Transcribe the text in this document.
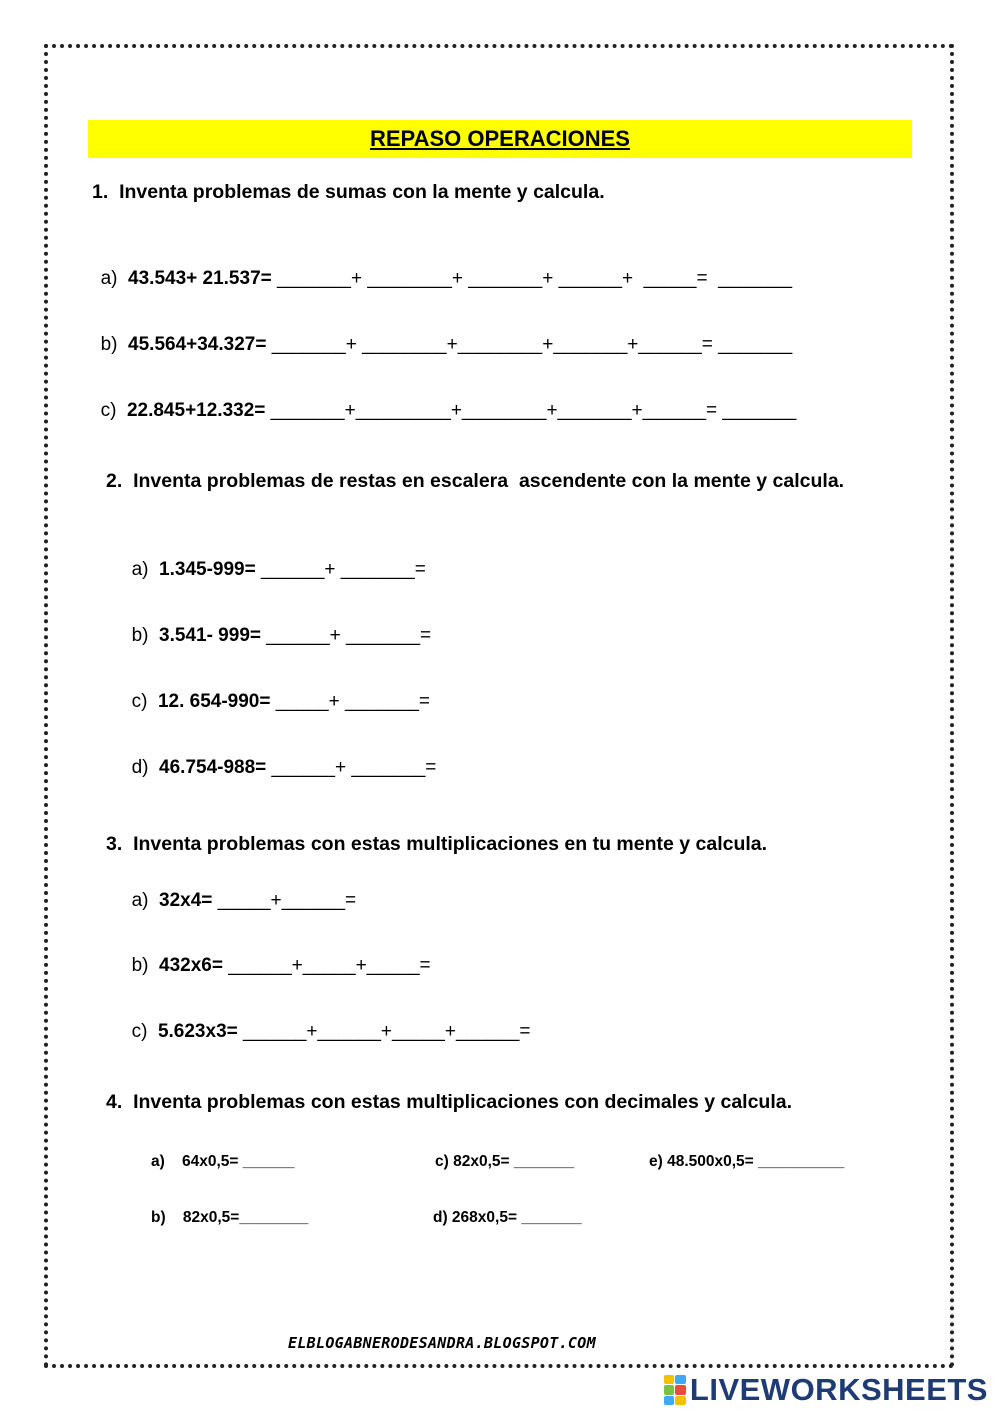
REPASO OPERACIONES
1.  Inventa problemas de sumas con la mente y calcula.

a) 43.543+ 21.537= _______+ ________+ _______+ ______+  _____=  _______

b) 45.564+34.327= _______+ ________+________+_______+______= _______

c) 22.845+12.332= _______+_________+________+_______+______= _______

2.  Inventa problemas de restas en escalera  ascendente con la mente y calcula.

a) 1.345-999= ______+ _______=

b) 3.541- 999= ______+ _______=

c) 12. 654-990= _____+ _______=

d) 46.754-988= ______+ _______=

3.  Inventa problemas con estas multiplicaciones en tu mente y calcula.

a) 32x4= _____+______=

b) 432x6= ______+_____+_____=

c) 5.623x3= ______+______+_____+______=

4.  Inventa problemas con estas multiplicaciones con decimales y calcula.
a)    64x0,5= ______	c) 82x0,5= _______	e) 48.500x0,5= __________
b)    82x0,5=________	d) 268x0,5= _______
ELBLOGABNERODESANDRA.BLOGSPOT.COM
LIVEWORKSHEETS
